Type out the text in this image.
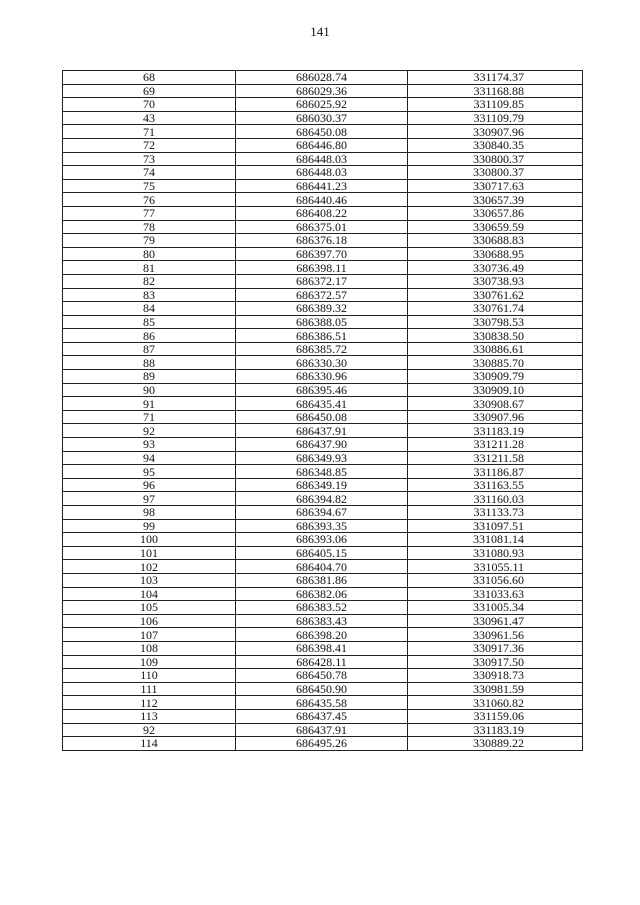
141
68	686028.74	331174.37
69	686029.36	331168.88
70	686025.92	331109.85
43	686030.37	331109.79
71	686450.08	330907.96
72	686446.80	330840.35
73	686448.03	330800.37
74	686448.03	330800.37
75	686441.23	330717.63
76	686440.46	330657.39
77	686408.22	330657.86
78	686375.01	330659.59
79	686376.18	330688.83
80	686397.70	330688.95
81	686398.11	330736.49
82	686372.17	330738.93
83	686372.57	330761.62
84	686389.32	330761.74
85	686388.05	330798.53
86	686386.51	330838.50
87	686385.72	330886.61
88	686330.30	330885.70
89	686330.96	330909.79
90	686395.46	330909.10
91	686435.41	330908.67
71	686450.08	330907.96
92	686437.91	331183.19
93	686437.90	331211.28
94	686349.93	331211.58
95	686348.85	331186.87
96	686349.19	331163.55
97	686394.82	331160.03
98	686394.67	331133.73
99	686393.35	331097.51
100	686393.06	331081.14
101	686405.15	331080.93
102	686404.70	331055.11
103	686381.86	331056.60
104	686382.06	331033.63
105	686383.52	331005.34
106	686383.43	330961.47
107	686398.20	330961.56
108	686398.41	330917.36
109	686428.11	330917.50
110	686450.78	330918.73
111	686450.90	330981.59
112	686435.58	331060.82
113	686437.45	331159.06
92	686437.91	331183.19
114	686495.26	330889.22
